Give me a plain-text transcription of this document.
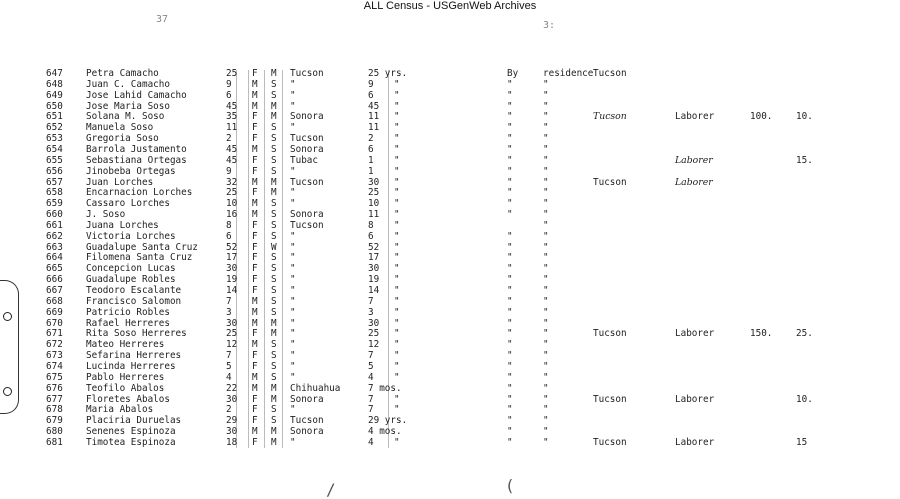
ALL Census - USGenWeb Archives
37
3:
/	(
647 Petra Camacho	25 F M Tucson	25 yrs.	By	residence Tucson
648 Juan C. Camacho	9 M S "	9 "	"	"
649 Jose Lahid Camacho	6 M S "	6 "	"	"
650 Jose Maria Soso	45 M M "	45 "	"	"
651 Solana M. Soso	35 F M Sonora	11 "	"	"	Tucson	Laborer	100.	10.
652 Manuela Soso	11 F S "	11 "	"	"
653 Gregoria Soso	2 F S Tucson	2 "	"	"
654 Barrola Justamento	45 M S Sonora	6 "	"	"
655 Sebastiana Ortegas	45 F S Tubac	1 "	"	"	Laborer	15.
656 Jinobeba Ortegas	9 F S "	1 "	"	"
657 Juan Lorches	32 M M Tucson	30 "	"	"	Tucson	Laborer
658 Encarnacion Lorches	25 F M "	25 "	"	"
659 Cassaro Lorches	10 M S "	10 "	"	"
660 J. Soso	16 M S Sonora	11 "	"	"
661 Juana Lorches	8 F S Tucson	8 "	"
662 Victoria Lorches	6 F S "	6 "	"	"
663 Guadalupe Santa Cruz	52 F W "	52 "	"	"
664 Filomena Santa Cruz	17 F S "	17 "	"	"
665 Concepcion Lucas	30 F S "	30 "	"	"
666 Guadalupe Robles	19 F S "	19 "	"	"
667 Teodoro Escalante	14 F S "	14 "	"	"
668 Francisco Salomon	7 M S "	7 "	"	"
669 Patricio Robles	3 M S "	3 "	"	"
670 Rafael Herreres	30 M M "	30 "	"	"
671 Rita Soso Herreres	25 F M "	25 "	"	"	Tucson	Laborer	150.	25.
672 Mateo Herreres	12 M S "	12 "	"	"
673 Sefarina Herreres	7 F S "	7 "	"	"
674 Lucinda Herreres	5 F S "	5 "	"	"
675 Pablo Herreres	4 M S "	4 "	"	"
676 Teofilo Abalos	22 M M Chihuahua	7 mos.	"	"
677 Floretes Abalos	30 F M Sonora	7 "	"	"	Tucson	Laborer	10.
678 Maria Abalos	2 F S "	7 "	"	"
679 Placiria Duruelas	29 F S Tucson	29 yrs.	"	"
680 Senenes Espinoza	30 M M Sonora	4 mos.	"	"
681 Timotea Espinoza	18 F M "	4 "	"	"	Tucson	Laborer	15
